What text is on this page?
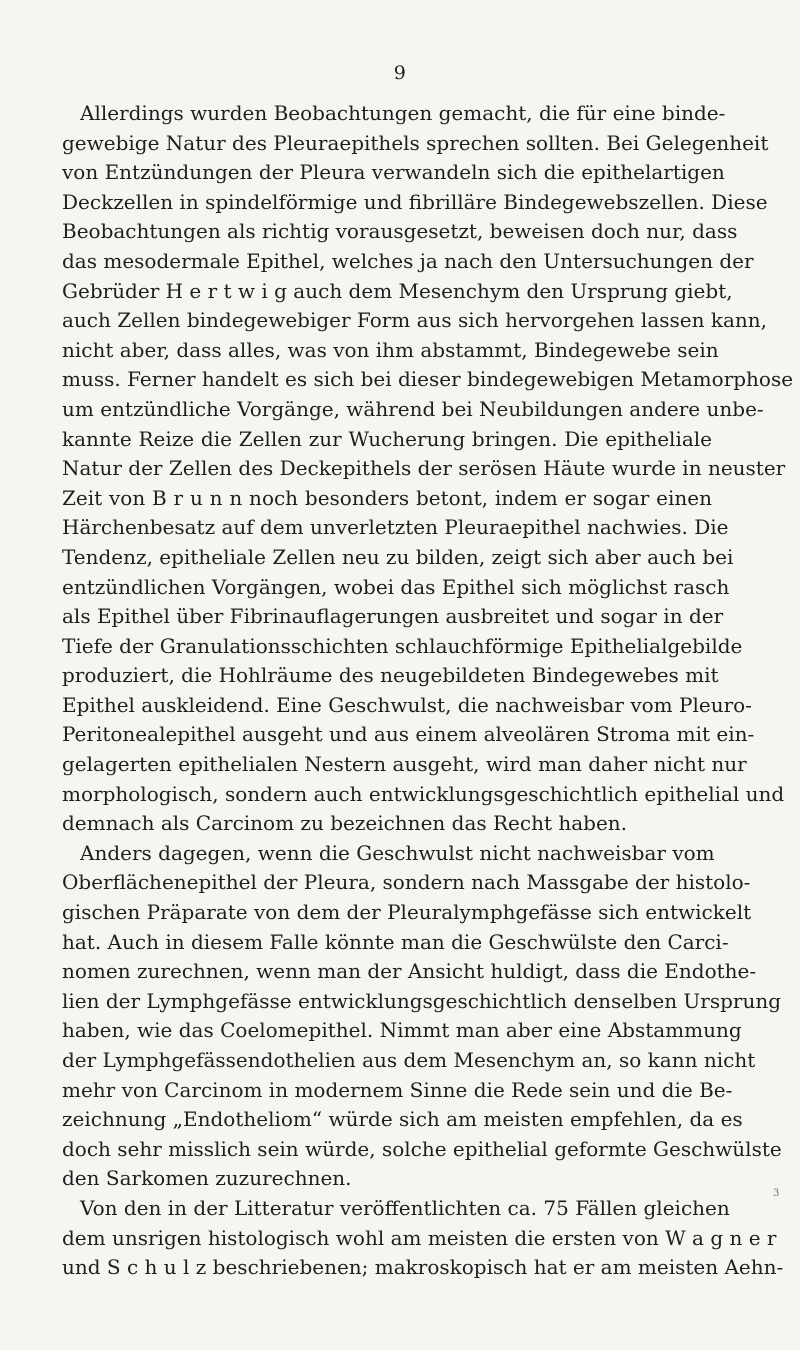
9
Allerdings wurden Beobachtungen gemacht, die für eine binde-
gewebige Natur des Pleuraepithels sprechen sollten. Bei Gelegenheit
von Entzündungen der Pleura verwandeln sich die epithelartigen
Deckzellen in spindelförmige und fibrilläre Bindegewebszellen. Diese
Beobachtungen als richtig vorausgesetzt, beweisen doch nur, dass
das mesodermale Epithel, welches ja nach den Untersuchungen der
Gebrüder H e r t w i g auch dem Mesenchym den Ursprung giebt,
auch Zellen bindegewebiger Form aus sich hervorgehen lassen kann,
nicht aber, dass alles, was von ihm abstammt, Bindegewebe sein
muss. Ferner handelt es sich bei dieser bindegewebigen Metamorphose
um entzündliche Vorgänge, während bei Neubildungen andere unbe-
kannte Reize die Zellen zur Wucherung bringen. Die epitheliale
Natur der Zellen des Deckepithels der serösen Häute wurde in neuster
Zeit von B r u n n noch besonders betont, indem er sogar einen
Härchenbesatz auf dem unverletzten Pleuraepithel nachwies. Die
Tendenz, epitheliale Zellen neu zu bilden, zeigt sich aber auch bei
entzündlichen Vorgängen, wobei das Epithel sich möglichst rasch
als Epithel über Fibrinauflagerungen ausbreitet und sogar in der
Tiefe der Granulationsschichten schlauchförmige Epithelialgebilde
produziert, die Hohlräume des neugebildeten Bindegewebes mit
Epithel auskleidend. Eine Geschwulst, die nachweisbar vom Pleuro-
Peritonealepithel ausgeht und aus einem alveolären Stroma mit ein-
gelagerten epithelialen Nestern ausgeht, wird man daher nicht nur
morphologisch, sondern auch entwicklungsgeschichtlich epithelial und
demnach als Carcinom zu bezeichnen das Recht haben.
Anders dagegen, wenn die Geschwulst nicht nachweisbar vom
Oberflächenepithel der Pleura, sondern nach Massgabe der histolo-
gischen Präparate von dem der Pleuralymphgefässe sich entwickelt
hat. Auch in diesem Falle könnte man die Geschwülste den Carci-
nomen zurechnen, wenn man der Ansicht huldigt, dass die Endothe-
lien der Lymphgefässe entwicklungsgeschichtlich denselben Ursprung
haben, wie das Coelomepithel. Nimmt man aber eine Abstammung
der Lymphgefässendothelien aus dem Mesenchym an, so kann nicht
mehr von Carcinom in modernem Sinne die Rede sein und die Be-
zeichnung „Endotheliom“ würde sich am meisten empfehlen, da es
doch sehr misslich sein würde, solche epithelial geformte Geschwülste
den Sarkomen zuzurechnen.
Von den in der Litteratur veröffentlichten ca. 75 Fällen gleichen
dem unsrigen histologisch wohl am meisten die ersten von W a g n e r
und S c h u l z beschriebenen; makroskopisch hat er am meisten Aehn-
3
